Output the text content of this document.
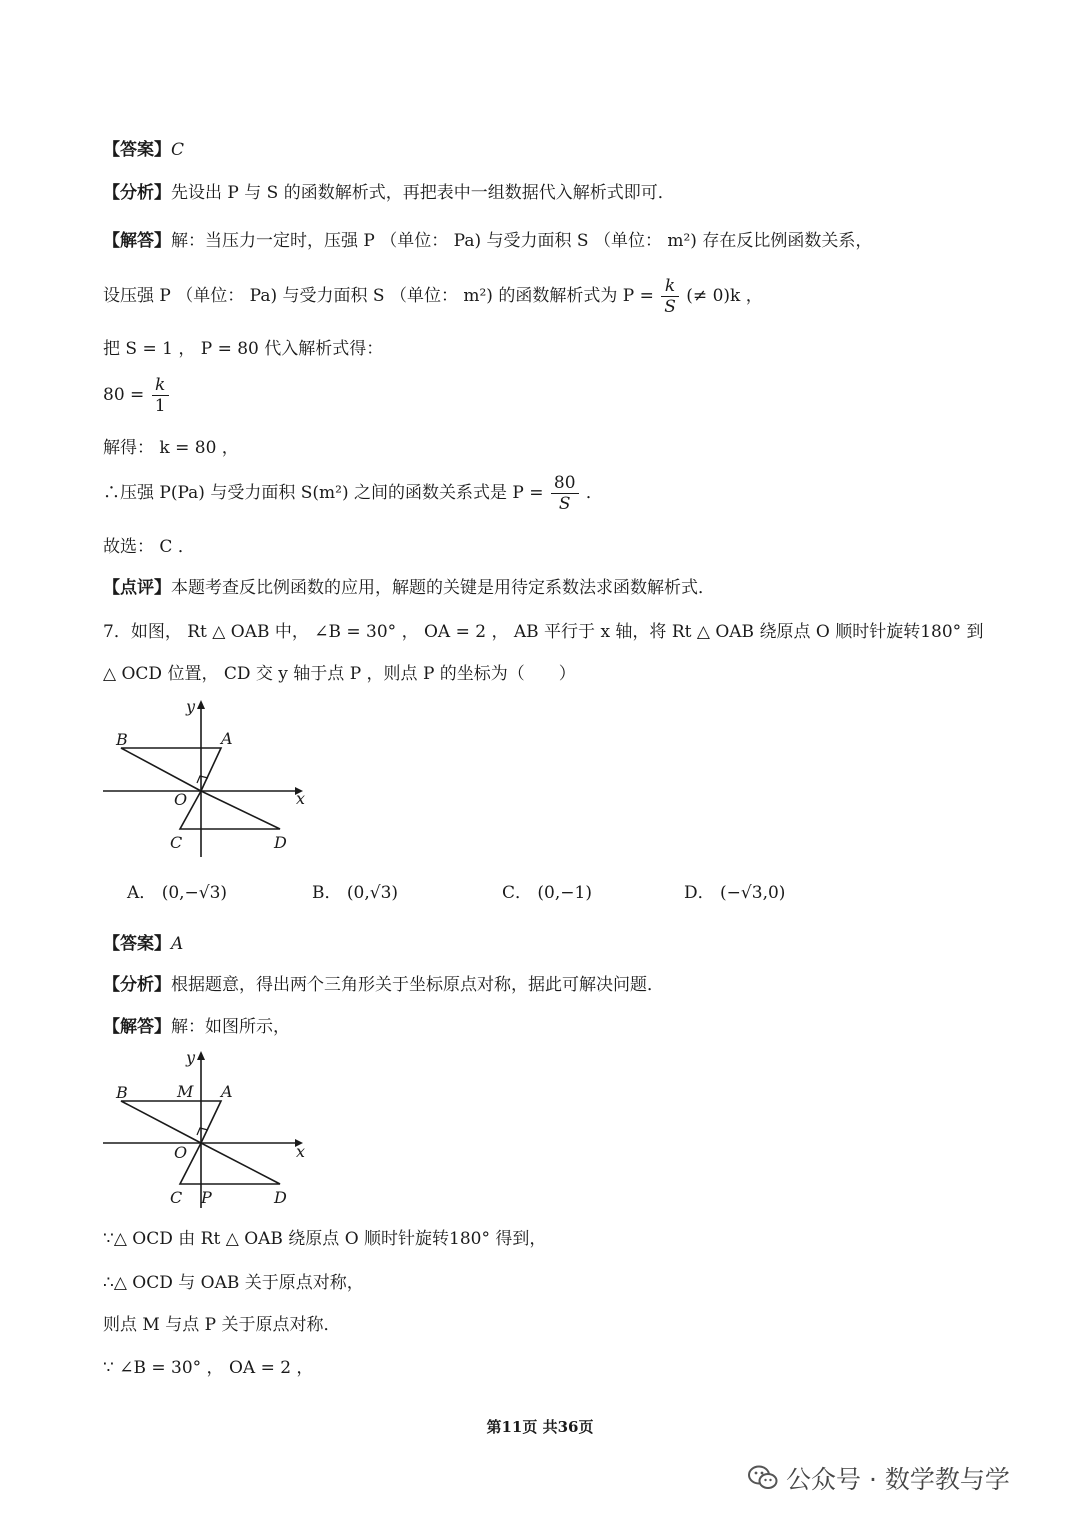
【答案】C
【分析】先设出 P 与 S 的函数解析式，再把表中一组数据代入解析式即可．
【解答】解：当压力一定时，压强 P （单位： Pa) 与受力面积 S （单位： m²) 存在反比例函数关系，
设压强 P （单位： Pa) 与受力面积 S （单位： m²) 的函数解析式为 $P = \frac{k}{S}$ (≠ 0)k ，
把 S = 1 ， P = 80 代入解析式得：
$80 = \frac{k}{1}$
解得： k = 80 ，
∴压强 P(Pa) 与受力面积 S(m²) 之间的函数关系式是 $P = \frac{80}{S}$ ．
故选： C ．
【点评】本题考查反比例函数的应用，解题的关键是用待定系数法求函数解析式．
7．如图， Rt △ OAB 中， ∠B = 30° ， OA = 2 ， AB 平行于 x 轴，将 Rt △ OAB 绕原点 O 顺时针旋转180° 到
△ OCD 位置， CD 交 y 轴于点 P ，则点 P 的坐标为（　　）
y
B	A
O	x
C	D
A． (0,−√3)	B． (0,√3)	C． (0,−1)	D． (−√3,0)
【答案】A
【分析】根据题意，得出两个三角形关于坐标原点对称，据此可解决问题．
【解答】解：如图所示，
y
M
B	A
O	x
C P	D
∵△ OCD 由 Rt △ OAB 绕原点 O 顺时针旋转180° 得到，
∴△ OCD 与 OAB 关于原点对称，
则点 M 与点 P 关于原点对称．
∵ ∠B = 30° ， OA = 2 ，
第11页 共36页
公众号 · 数学教与学
